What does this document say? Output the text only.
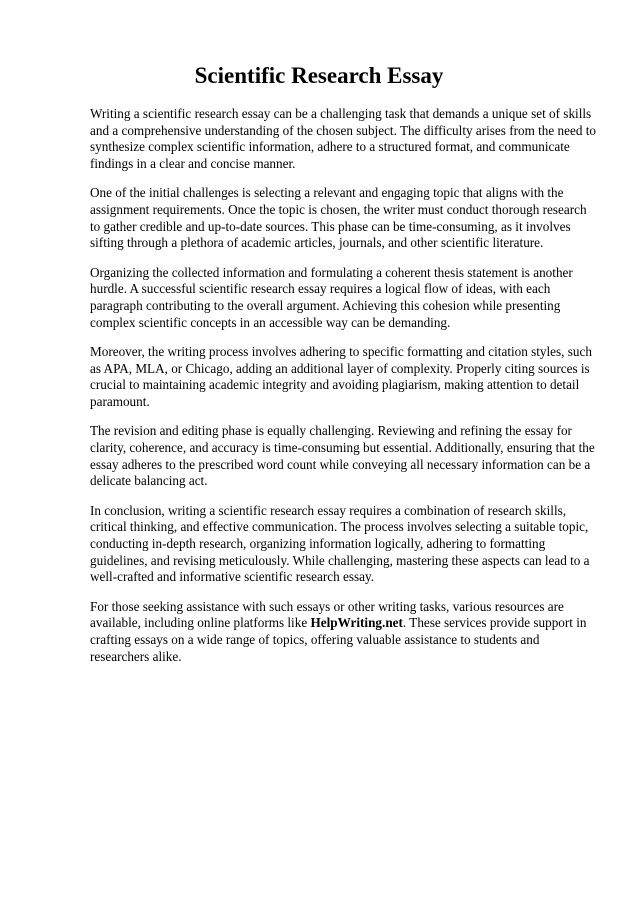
Scientific Research Essay

Writing a scientific research essay can be a challenging task that demands a unique set of skills and a comprehensive understanding of the chosen subject. The difficulty arises from the need to synthesize complex scientific information, adhere to a structured format, and communicate findings in a clear and concise manner.

One of the initial challenges is selecting a relevant and engaging topic that aligns with the assignment requirements. Once the topic is chosen, the writer must conduct thorough research to gather credible and up-to-date sources. This phase can be time-consuming, as it involves sifting through a plethora of academic articles, journals, and other scientific literature.

Organizing the collected information and formulating a coherent thesis statement is another hurdle. A successful scientific research essay requires a logical flow of ideas, with each paragraph contributing to the overall argument. Achieving this cohesion while presenting complex scientific concepts in an accessible way can be demanding.

Moreover, the writing process involves adhering to specific formatting and citation styles, such as APA, MLA, or Chicago, adding an additional layer of complexity. Properly citing sources is crucial to maintaining academic integrity and avoiding plagiarism, making attention to detail paramount.

The revision and editing phase is equally challenging. Reviewing and refining the essay for clarity, coherence, and accuracy is time-consuming but essential. Additionally, ensuring that the essay adheres to the prescribed word count while conveying all necessary information can be a delicate balancing act.

In conclusion, writing a scientific research essay requires a combination of research skills, critical thinking, and effective communication. The process involves selecting a suitable topic, conducting in-depth research, organizing information logically, adhering to formatting guidelines, and revising meticulously. While challenging, mastering these aspects can lead to a well-crafted and informative scientific research essay.

For those seeking assistance with such essays or other writing tasks, various resources are available, including online platforms like HelpWriting.net. These services provide support in crafting essays on a wide range of topics, offering valuable assistance to students and researchers alike.
